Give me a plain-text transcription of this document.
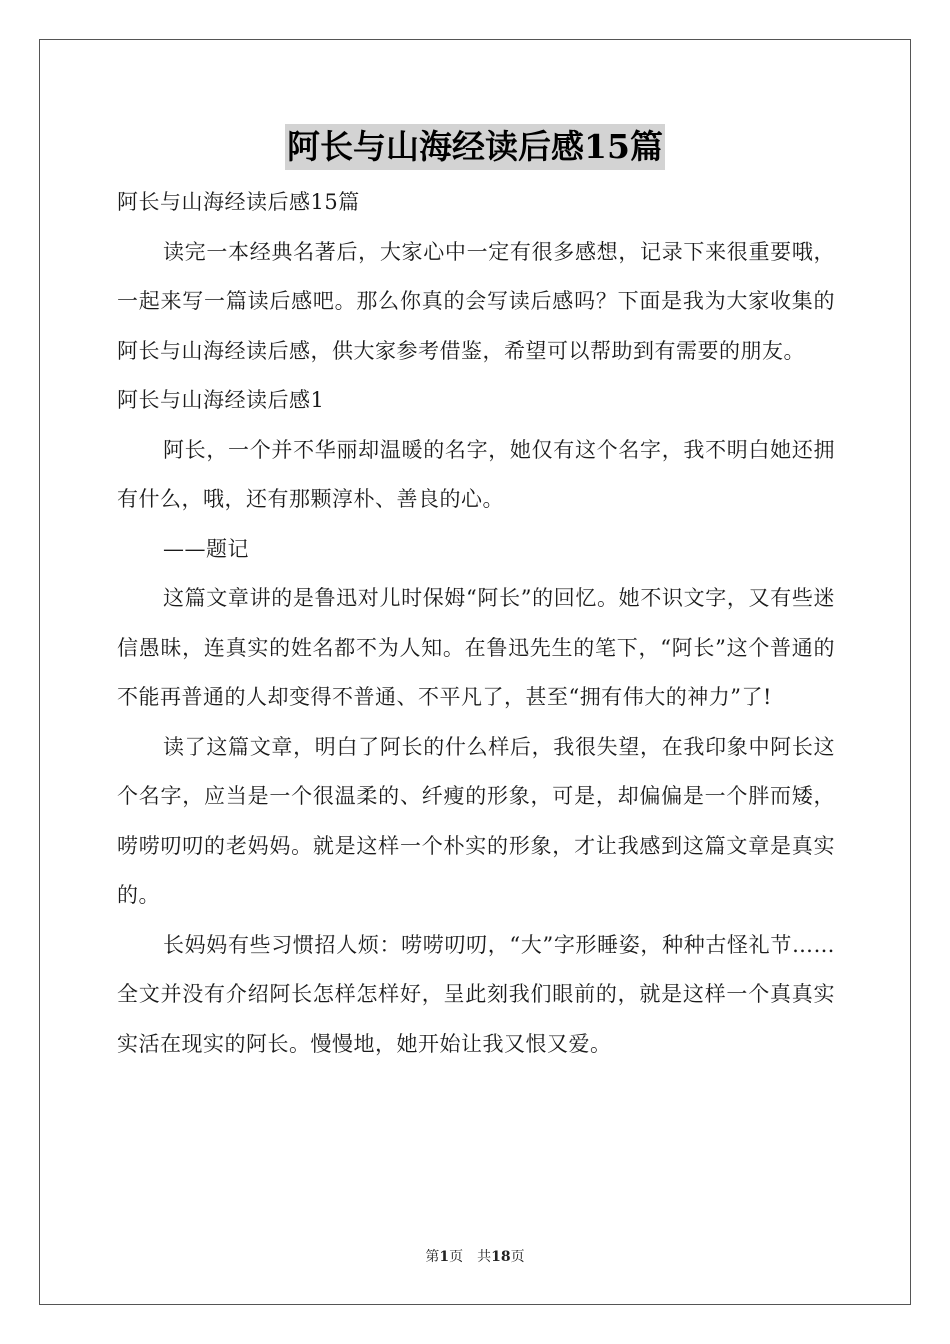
阿长与山海经读后感15篇

阿长与山海经读后感15篇

读完一本经典名著后，大家心中一定有很多感想，记录下来很重要哦，一起来写一篇读后感吧。那么你真的会写读后感吗？下面是我为大家收集的阿长与山海经读后感，供大家参考借鉴，希望可以帮助到有需要的朋友。

阿长与山海经读后感1

阿长，一个并不华丽却温暖的名字，她仅有这个名字，我不明白她还拥有什么，哦，还有那颗淳朴、善良的心。

——题记

这篇文章讲的是鲁迅对儿时保姆“阿长”的回忆。她不识文字，又有些迷信愚昧，连真实的姓名都不为人知。在鲁迅先生的笔下，“阿长”这个普通的不能再普通的人却变得不普通、不平凡了，甚至“拥有伟大的神力”了!

读了这篇文章，明白了阿长的什么样后，我很失望，在我印象中阿长这个名字，应当是一个很温柔的、纤瘦的形象，可是，却偏偏是一个胖而矮，唠唠叨叨的老妈妈。就是这样一个朴实的形象，才让我感到这篇文章是真实的。

长妈妈有些习惯招人烦：唠唠叨叨，“大”字形睡姿，种种古怪礼节……全文并没有介绍阿长怎样怎样好，呈此刻我们眼前的，就是这样一个真真实实活在现实的阿长。慢慢地，她开始让我又恨又爱。

第1页 共18页
